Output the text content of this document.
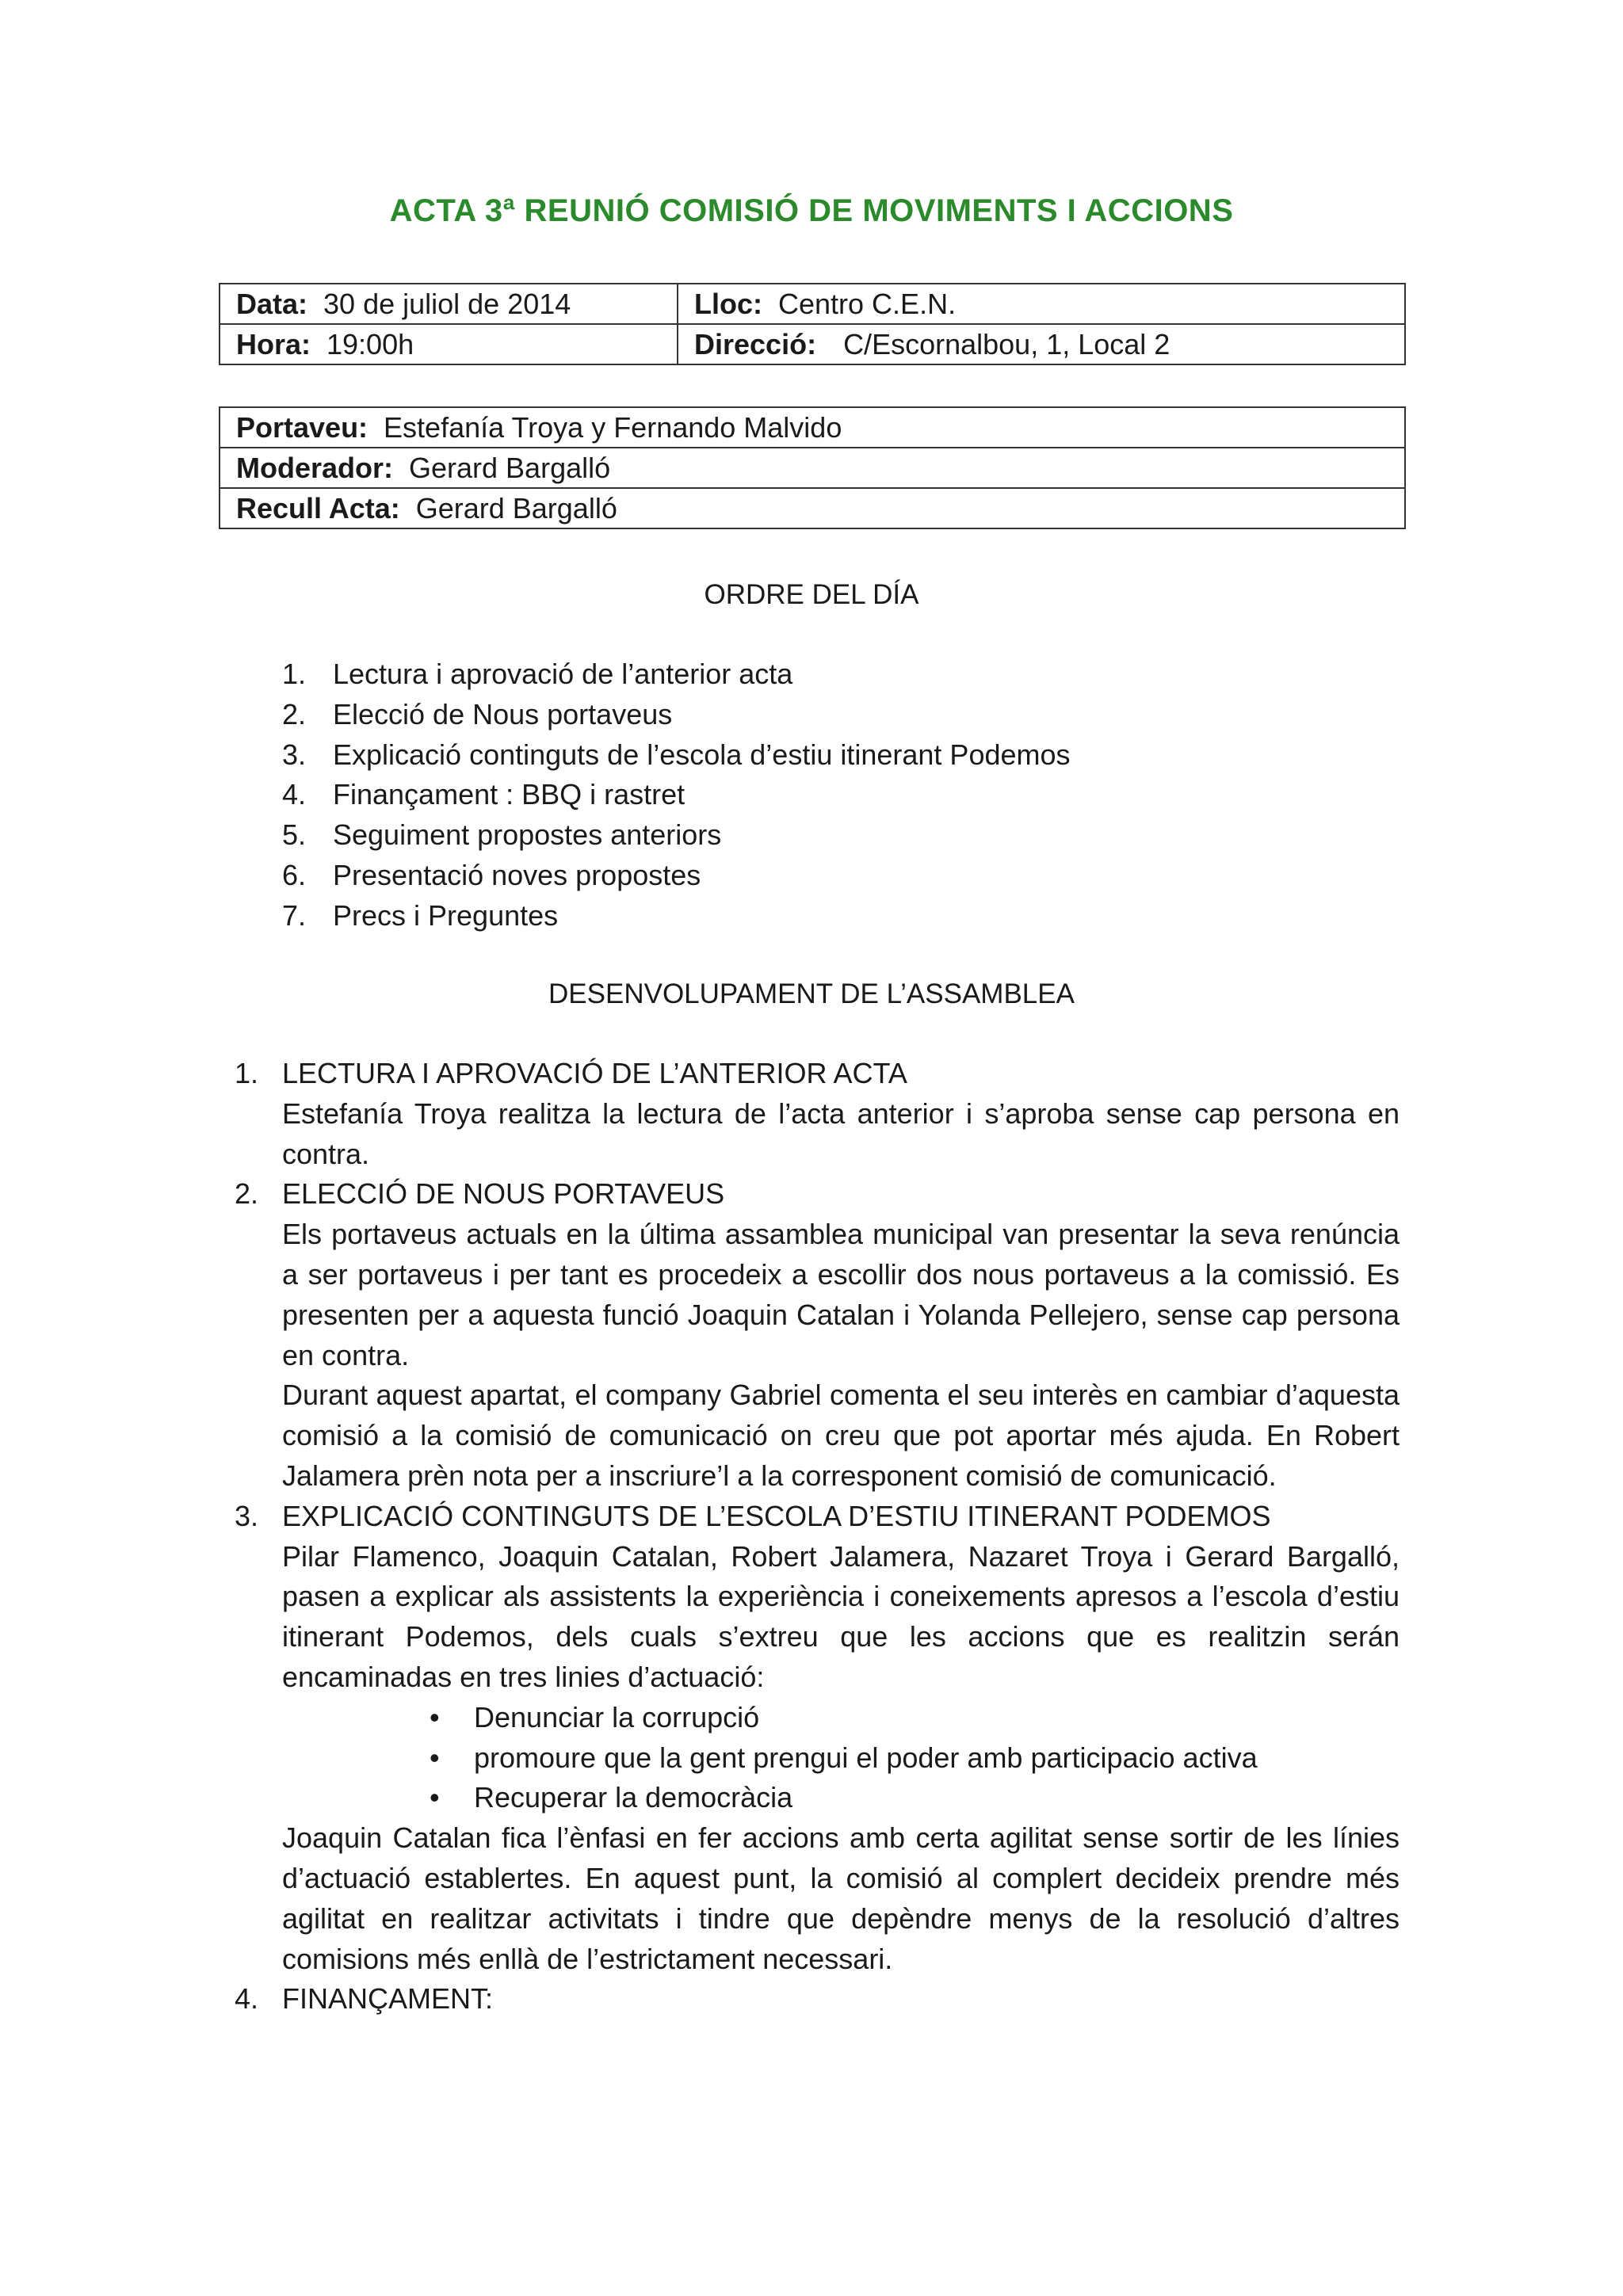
ACTA 3ª REUNIÓ COMISIÓ DE MOVIMENTS I ACCIONS
Data: 30 de juliol de 2014	Lloc: Centro C.E.N.
Hora: 19:00h	Direcció: C/Escornalbou, 1, Local 2
Portaveu: Estefanía Troya y Fernando Malvido
Moderador: Gerard Bargalló
Recull Acta: Gerard Bargalló
ORDRE DEL DÍA
1. Lectura i aprovació de l’anterior acta
2. Elecció de Nous portaveus
3. Explicació continguts de l’escola d’estiu itinerant Podemos
4. Finançament : BBQ i rastret
5. Seguiment propostes anteriors
6. Presentació noves propostes
7. Precs i Preguntes
DESENVOLUPAMENT DE L’ASSAMBLEA
1. LECTURA I APROVACIÓ DE L’ANTERIOR ACTA
Estefanía Troya realitza la lectura de l’acta anterior i s’aproba sense cap persona en contra.
2. ELECCIÓ DE NOUS PORTAVEUS
Els portaveus actuals en la última assamblea municipal van presentar la seva renúncia a ser portaveus i per tant es procedeix a escollir dos nous portaveus a la comissió. Es presenten per a aquesta funció Joaquin Catalan i Yolanda Pellejero, sense cap persona en contra.
Durant aquest apartat, el company Gabriel comenta el seu interès en cambiar d’aquesta comisió a la comisió de comunicació on creu que pot aportar més ajuda. En Robert Jalamera prèn nota per a inscriure’l a la corresponent comisió de comunicació.
3. EXPLICACIÓ CONTINGUTS DE L’ESCOLA D’ESTIU ITINERANT PODEMOS
Pilar Flamenco, Joaquin Catalan, Robert Jalamera, Nazaret Troya i Gerard Bargalló, pasen a explicar als assistents la experiència i coneixements apresos a l’escola d’estiu itinerant Podemos, dels cuals s’extreu que les accions que es realitzin serán encaminadas en tres linies d’actuació:
• Denunciar la corrupció
• promoure que la gent prengui el poder amb participacio activa
• Recuperar la democràcia
Joaquin Catalan fica l’ènfasi en fer accions amb certa agilitat sense sortir de les línies d’actuació establertes. En aquest punt, la comisió al complert decideix prendre més agilitat en realitzar activitats i tindre que depèndre menys de la resolució d’altres comisions més enllà de l’estrictament necessari.
4. FINANÇAMENT:
